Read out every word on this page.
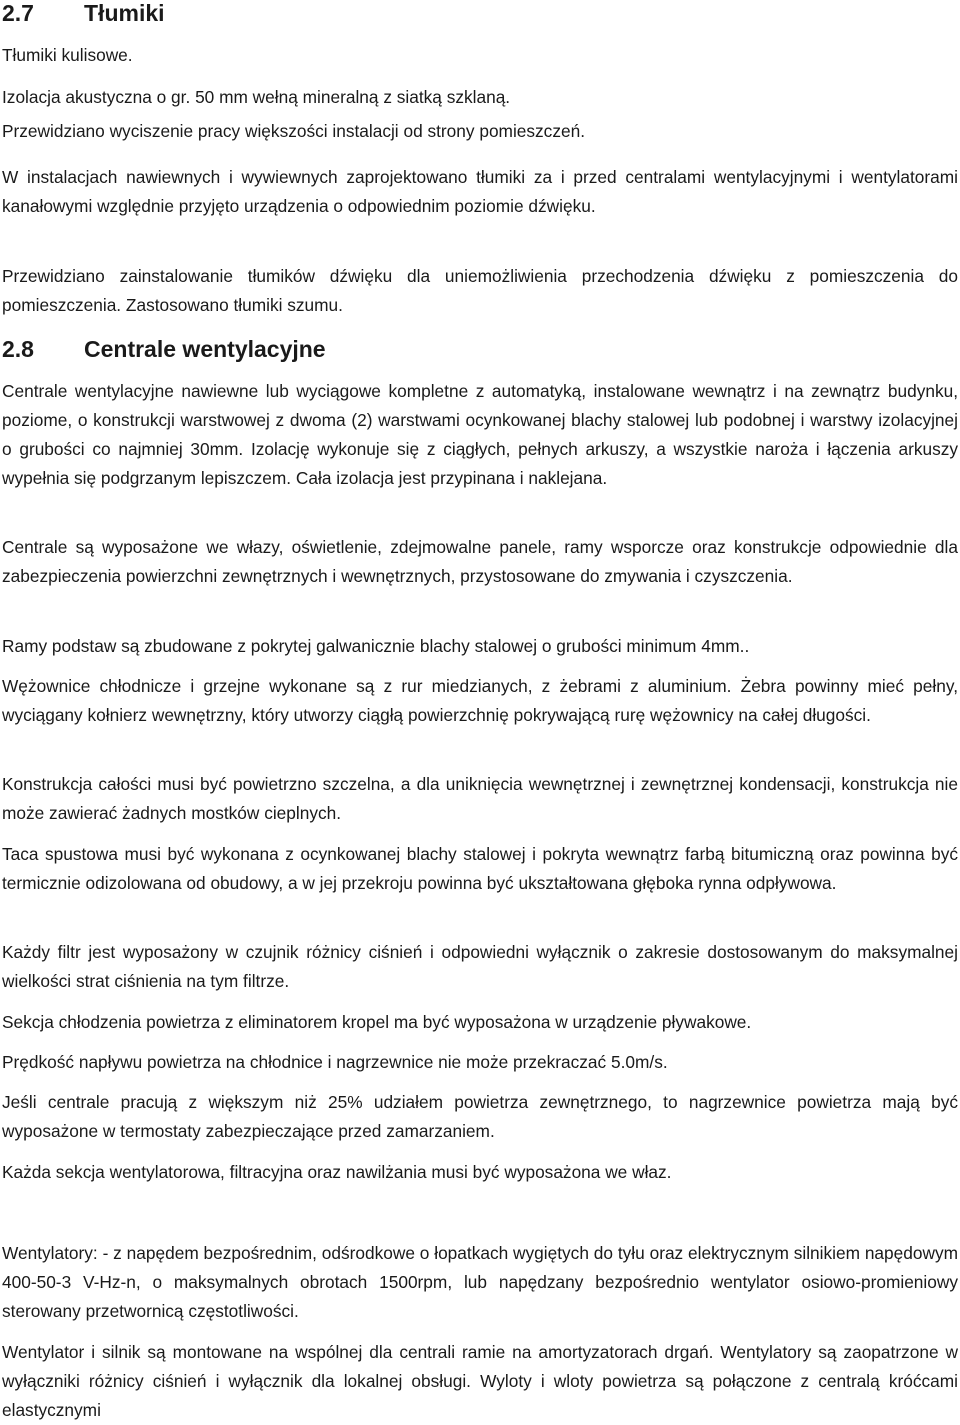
2.7	Tłumiki

Tłumiki kulisowe.

Izolacja akustyczna o gr. 50 mm wełną mineralną z siatką szklaną.

Przewidziano wyciszenie pracy większości instalacji od strony pomieszczeń.

W instalacjach nawiewnych i wywiewnych zaprojektowano tłumiki za i przed centralami wentylacyjnymi i wentylatorami kanałowymi względnie przyjęto urządzenia o odpowiednim poziomie dźwięku.

Przewidziano zainstalowanie tłumików dźwięku dla uniemożliwienia przechodzenia dźwięku z pomieszczenia do pomieszczenia. Zastosowano tłumiki szumu.

2.8	Centrale wentylacyjne

Centrale wentylacyjne nawiewne lub wyciągowe kompletne z automatyką, instalowane wewnątrz i na zewnątrz budynku, poziome, o konstrukcji warstwowej z dwoma (2) warstwami ocynkowanej blachy stalowej lub podobnej i warstwy izolacyjnej o grubości co najmniej 30mm. Izolację wykonuje się z ciągłych, pełnych arkuszy, a wszystkie naroża i łączenia arkuszy wypełnia się podgrzanym lepiszczem. Cała izolacja jest przypinana i naklejana.

Centrale są wyposażone we włazy, oświetlenie, zdejmowalne panele, ramy wsporcze oraz konstrukcje odpowiednie dla zabezpieczenia powierzchni zewnętrznych i wewnętrznych, przystosowane do zmywania i czyszczenia.

Ramy podstaw są zbudowane z pokrytej galwanicznie blachy stalowej o grubości minimum 4mm..

Wężownice chłodnicze i grzejne wykonane są z rur miedzianych, z żebrami z aluminium. Żebra powinny mieć pełny, wyciągany kołnierz wewnętrzny, który utworzy ciągłą powierzchnię pokrywającą rurę wężownicy na całej długości.

Konstrukcja całości musi być powietrzno szczelna, a dla uniknięcia wewnętrznej i zewnętrznej kondensacji, konstrukcja nie może zawierać żadnych mostków cieplnych.

Taca spustowa musi być wykonana z ocynkowanej blachy stalowej i pokryta wewnątrz farbą bitumiczną oraz powinna być termicznie odizolowana od obudowy, a w jej przekroju powinna być ukształtowana głęboka rynna odpływowa.

Każdy filtr jest wyposażony w czujnik różnicy ciśnień i odpowiedni wyłącznik o zakresie dostosowanym do maksymalnej wielkości strat ciśnienia na tym filtrze.

Sekcja chłodzenia powietrza z eliminatorem kropel ma być wyposażona w urządzenie pływakowe.

Prędkość napływu powietrza na chłodnice i nagrzewnice nie może przekraczać 5.0m/s.

Jeśli centrale pracują z większym niż 25% udziałem powietrza zewnętrznego, to nagrzewnice powietrza mają być wyposażone w termostaty zabezpieczające przed zamarzaniem.

Każda sekcja wentylatorowa, filtracyjna oraz nawilżania musi być wyposażona we właz.

Wentylatory: - z napędem bezpośrednim, odśrodkowe o łopatkach wygiętych do tyłu oraz elektrycznym silnikiem napędowym 400-50-3 V-Hz-n, o maksymalnych obrotach 1500rpm, lub napędzany bezpośrednio wentylator osiowo-promieniowy sterowany przetwornicą częstotliwości.

Wentylator i silnik są montowane na wspólnej dla centrali ramie na amortyzatorach drgań. Wentylatory są zaopatrzone w wyłączniki różnicy ciśnień i wyłącznik dla lokalnej obsługi. Wyloty i wloty powietrza są połączone z centralą króćcami elastycznymi
